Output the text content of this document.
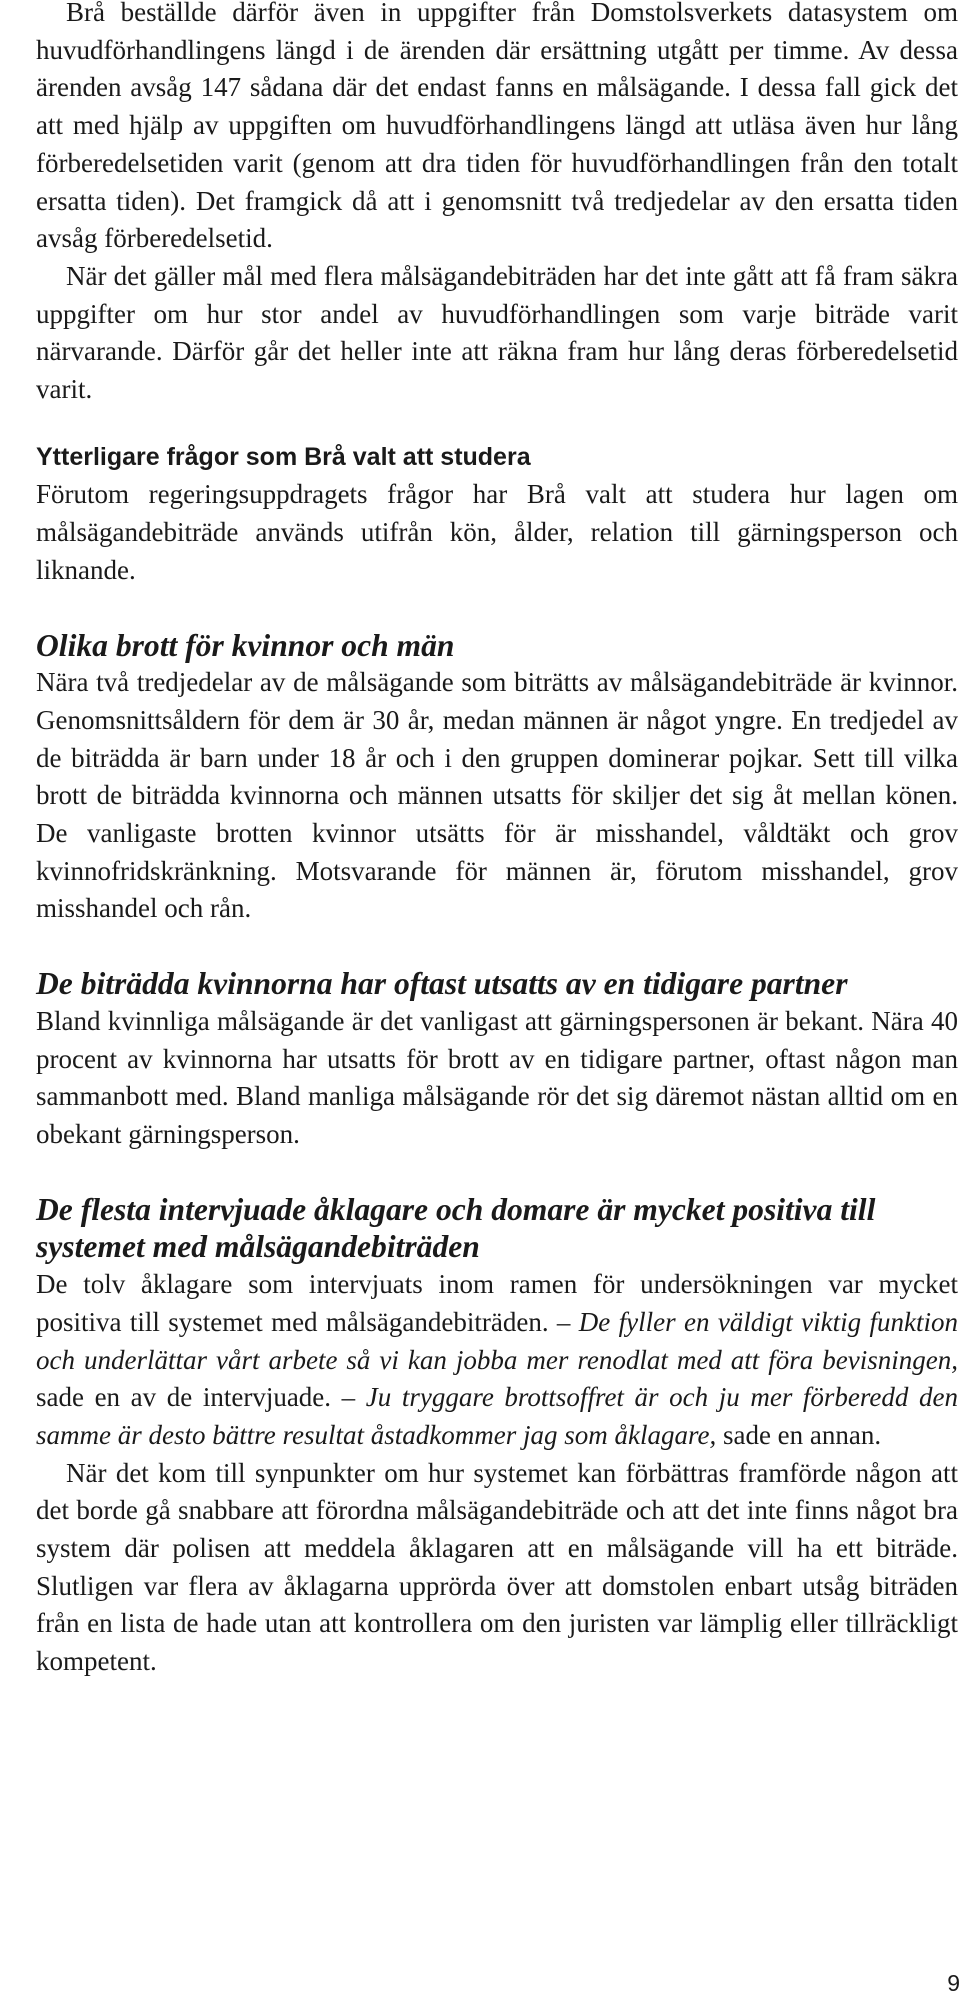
Brå beställde därför även in uppgifter från Domstolsverkets datasystem om huvudförhandlingens längd i de ärenden där ersättning utgått per timme. Av dessa ärenden avsåg 147 sådana där det endast fanns en målsägande. I dessa fall gick det att med hjälp av uppgiften om huvudförhandlingens längd att utläsa även hur lång förberedelsetiden varit (genom att dra tiden för huvudförhandlingen från den totalt ersatta tiden). Det framgick då att i genomsnitt två tredjedelar av den ersatta tiden avsåg förberedelsetid.

När det gäller mål med flera målsägandebiträden har det inte gått att få fram säkra uppgifter om hur stor andel av huvudförhandlingen som varje biträde varit närvarande. Därför går det heller inte att räkna fram hur lång deras förberedelsetid varit.

Ytterligare frågor som Brå valt att studera

Förutom regeringsuppdragets frågor har Brå valt att studera hur lagen om målsägandebiträde används utifrån kön, ålder, relation till gärningsperson och liknande.

Olika brott för kvinnor och män

Nära två tredjedelar av de målsägande som biträtts av målsägandebiträde är kvinnor. Genomsnittsåldern för dem är 30 år, medan männen är något yngre. En tredjedel av de biträdda är barn under 18 år och i den gruppen dominerar pojkar. Sett till vilka brott de biträdda kvinnorna och männen utsatts för skiljer det sig åt mellan könen. De vanligaste brotten kvinnor utsätts för är misshandel, våldtäkt och grov kvinnofridskränkning. Motsvarande för männen är, förutom misshandel, grov misshandel och rån.

De biträdda kvinnorna har oftast utsatts av en tidigare partner

Bland kvinnliga målsägande är det vanligast att gärningspersonen är bekant. Nära 40 procent av kvinnorna har utsatts för brott av en tidigare partner, oftast någon man sammanbott med. Bland manliga målsägande rör det sig däremot nästan alltid om en obekant gärningsperson.

De flesta intervjuade åklagare och domare är mycket positiva till systemet med målsägandebiträden

De tolv åklagare som intervjuats inom ramen för undersökningen var mycket positiva till systemet med målsägandebiträden. – De fyller en väldigt viktig funktion och underlättar vårt arbete så vi kan jobba mer renodlat med att föra bevisningen, sade en av de intervjuade. – Ju tryggare brottsoffret är och ju mer förberedd den samme är desto bättre resultat åstadkommer jag som åklagare, sade en annan.

När det kom till synpunkter om hur systemet kan förbättras framförde någon att det borde gå snabbare att förordna målsägandebiträde och att det inte finns något bra system där polisen att meddela åklagaren att en målsägande vill ha ett biträde. Slutligen var flera av åklagarna upprörda över att domstolen enbart utsåg biträden från en lista de hade utan att kontrollera om den juristen var lämplig eller tillräckligt kompetent.

9
